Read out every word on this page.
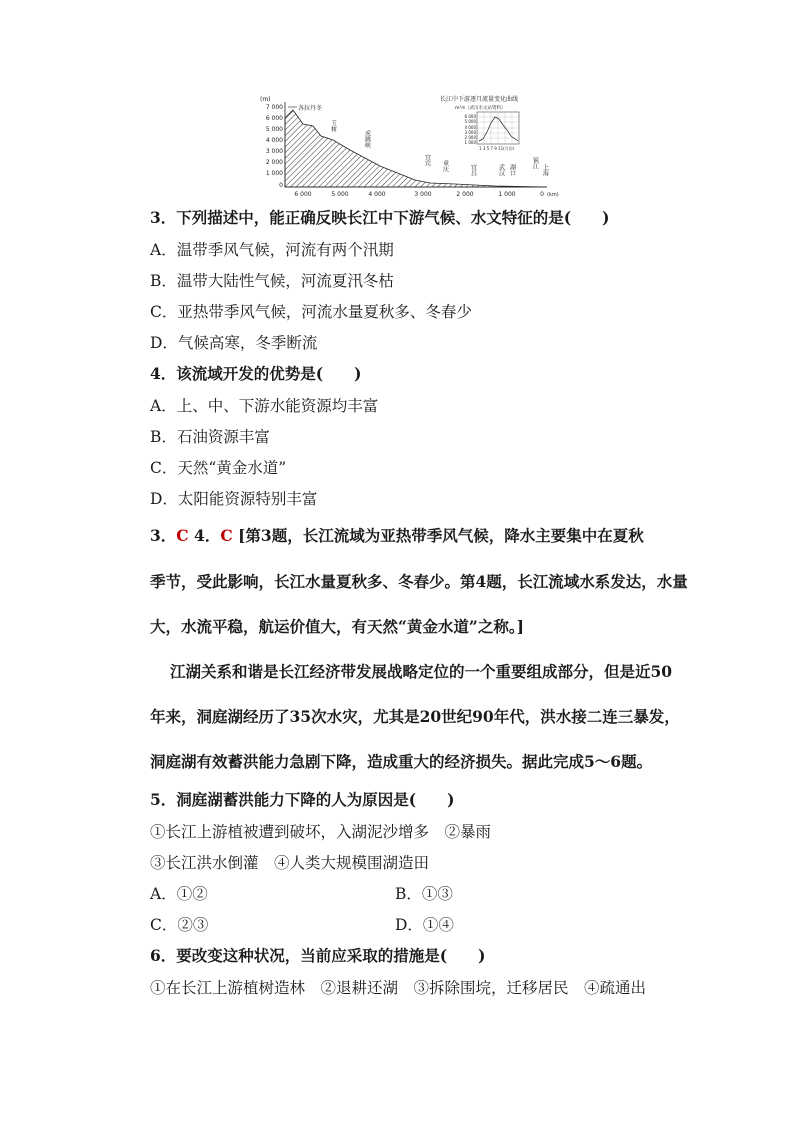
(m)
7 000
6 000
5 000
4 000
3 000
2 000
1 000
0
6 000	5 000	4 000	3 000	2 000	1 000	0 (km)
各拉丹冬
玉树
虎跳峡
宜宾 重庆	宜昌	武汉 湖口
镇江
上海
长江中下游逐月流量变化曲线
m³/s（武汉水文站资料）
6 000
5 000
4 000
3 000
2 000
1 000
1 3 5 7 9 11(月份)
3．下列描述中，能正确反映长江中下游气候、水文特征的是(　　)
A．温带季风气候，河流有两个汛期
B．温带大陆性气候，河流夏汛冬枯
C．亚热带季风气候，河流水量夏秋多、冬春少
D．气候高寒，冬季断流
4．该流域开发的优势是(　　)
A．上、中、下游水能资源均丰富
B．石油资源丰富
C．天然“黄金水道”
D．太阳能资源特别丰富
3．C 4．C [第3题，长江流域为亚热带季风气候，降水主要集中在夏秋
季节，受此影响，长江水量夏秋多、冬春少。第4题，长江流域水系发达，水量
大，水流平稳，航运价值大，有天然“黄金水道”之称。]
江湖关系和谐是长江经济带发展战略定位的一个重要组成部分，但是近50
年来，洞庭湖经历了35次水灾，尤其是20世纪90年代，洪水接二连三暴发，
洞庭湖有效蓄洪能力急剧下降，造成重大的经济损失。据此完成5～6题。
5．洞庭湖蓄洪能力下降的人为原因是(　　)
①长江上游植被遭到破坏，入湖泥沙增多　②暴雨
③长江洪水倒灌　④人类大规模围湖造田
A．①②	B．①③
C．②③	D．①④
6．要改变这种状况，当前应采取的措施是(　　)
①在长江上游植树造林　②退耕还湖　③拆除围垸，迁移居民　④疏通出
